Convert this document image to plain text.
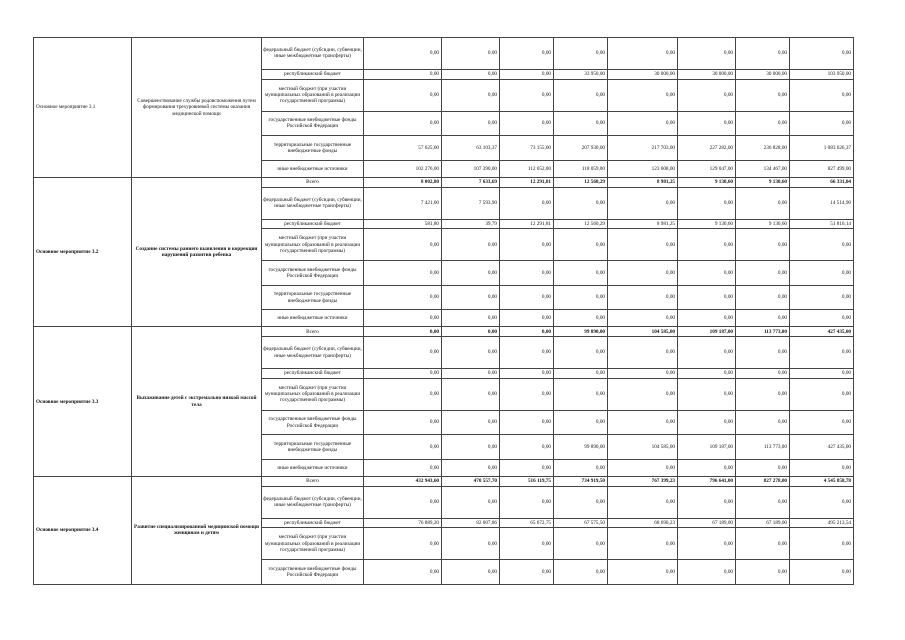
Основное мероприятие 3.1	Совершенствование службы родовспоможения путем формирования трехуровневой системы оказания медицинской помощи	федеральный бюджет (субсидии, субвенции, иные межбюджетные трансферты)	0,00	0,00	0,00	0,00	0,00	0,00	0,00	0,00
		республиканский бюджет	0,00	0,00	0,00	33 950,00	30 000,00	30 000,00	30 000,00	103 950,00
		местный бюджет (при участии муниципальных образований в реализации государственной программы)	0,00	0,00	0,00	0,00	0,00	0,00	0,00	0,00
		государственные внебюджетные фонды Российской Федерации	0,00	0,00	0,00	0,00	0,00	0,00	0,00	0,00
		территориальные государственные внебюджетные фонды	57 625,00	63 103,37	73 155,00	207 930,00	217 703,00	227 282,00	236 828,00	1 083 626,37
		иные внебюджетные источники	102 276,00	107 390,00	112 652,00	118 059,00	123 608,00	129 047,00	134 467,00	827 499,00
Основное мероприятие 3.2	Создание системы раннего выявления и коррекции нарушений развития ребенка	Всего	8 002,80	7 633,69	12 291,81	12 560,29	8 981,25	9 130,60	9 130,60	66 331,04
		федеральный бюджет (субсидии, субвенции, иные межбюджетные трансферты)	7 421,00	7 593,90	0,00	0,00	0,00	0,00	0,00	14 514,90
		республиканский бюджет	581,80	39,79	12 291,81	12 560,29	8 981,25	9 130,60	9 130,60	51 816,14
		местный бюджет (при участии муниципальных образований в реализации государственной программы)	0,00	0,00	0,00	0,00	0,00	0,00	0,00	0,00
		государственные внебюджетные фонды Российской Федерации	0,00	0,00	0,00	0,00	0,00	0,00	0,00	0,00
		территориальные государственные внебюджетные фонды	0,00	0,00	0,00	0,00	0,00	0,00	0,00	0,00
		иные внебюджетные источники	0,00	0,00	0,00	0,00	0,00	0,00	0,00	0,00
Основное мероприятие 3.3	Выхаживание детей с экстремально низкой массой тела	Всего	0,00	0,00	0,00	99 890,00	104 585,00	109 187,00	113 773,00	427 435,00
		федеральный бюджет (субсидии, субвенции, иные межбюджетные трансферты)	0,00	0,00	0,00	0,00	0,00	0,00	0,00	0,00
		республиканский бюджет	0,00	0,00	0,00	0,00	0,00	0,00	0,00	0,00
		местный бюджет (при участии муниципальных образований в реализации государственной программы)	0,00	0,00	0,00	0,00	0,00	0,00	0,00	0,00
		государственные внебюджетные фонды Российской Федерации	0,00	0,00	0,00	0,00	0,00	0,00	0,00	0,00
		территориальные государственные внебюджетные фонды	0,00	0,00	0,00	99 890,00	104 585,00	109 187,00	113 773,00	427 435,00
		иные внебюджетные источники	0,00	0,00	0,00	0,00	0,00	0,00	0,00	0,00
Основное мероприятие 3.4	Развитие специализированной медицинской помощи женщинам и детям	Всего	432 943,60	470 557,70	516 119,75	734 919,50	767 399,23	796 641,00	827 278,00	4 545 858,78
		федеральный бюджет (субсидии, субвенции, иные межбюджетные трансферты)	0,00	0,00	0,00	0,00	0,00	0,00	0,00	0,00
		республиканский бюджет	76 889,20	82 007,86	65 672,75	67 575,50	68 690,23	67 189,00	67 189,00	495 213,54
		местный бюджет (при участии муниципальных образований в реализации государственной программы)	0,00	0,00	0,00	0,00	0,00	0,00	0,00	0,00
		государственные внебюджетные фонды Российской Федерации	0,00	0,00	0,00	0,00	0,00	0,00	0,00	0,00
